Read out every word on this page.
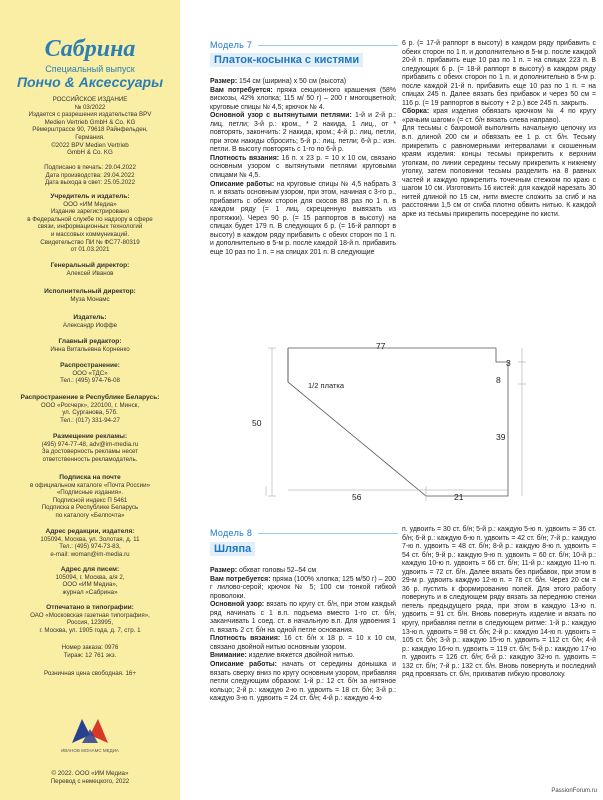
Сабрина
Специальный выпуск
Пончо & Аксессуары
РОССИЙСКОЕ ИЗДАНИЕ
№ 03/2022
Издается с разрешения издательства BPV
Medien Vertrieb GmbH & Co. KG
Рёмерштрассе 90, 79618 Райнфельден,
Германия.
©2022 BPV Medien Vertrieb
GmbH & Co. KG
Подписано в печать: 29.04.2022
Дата производства: 29.04.2022
Дата выхода в свет: 25.05.2022
Учредитель и издатель:
ООО «ИМ Медиа»
Издание зарегистрировано
в Федеральной службе по надзору в сфере
связи, информационных технологий
и массовых коммуникаций.
Свидетельство ПИ № ФС77-80319
от 01.03.2021
Генеральный директор:
Алексей Иванов
Исполнительный директор:
Муза Монамс
Издатель:
Александр Иоффе
Главный редактор:
Инна Витальевна Корненко
Распространение:
ООО «ТДС»
Тел.: (495) 974-76-08
Распространение в Республике Беларусь:
ООО «Росчерк», 220100, г. Минск,
ул. Сурганова, 57б.
Тел.: (017) 331-94-27
Размещение рекламы:
(495) 974-77-48, adv@im-media.ru
За достоверность рекламы несет
ответственность рекламодатель.
Подписка на почте
в официальном каталоге «Почта России»
«Подписные издания».
Подписной индекс П 5461
Подписка в Республике Беларусь
по каталогу «Белпочта»
Адрес редакции, издателя:
105094, Москва, ул. Золотая, д. 11
Тел.: (495) 974-73-83,
e-mail: woman@im-media.ru
Адрес для писем:
105094, г. Москва, а/я 2,
ООО «ИМ Медиа»,
журнал «Сабрина»
Отпечатано в типографии:
ОАО «Московская газетная типография»,
Россия, 123995,
г. Москва, ул. 1905 года, д. 7, стр. 1
Номер заказа: 0976
Тираж: 12 761 экз.
Розничная цена свободная. 16+
ИВАНОВ МОНАМС МЕДИА
© 2022. ООО «ИМ Медиа»
Перевод с немецкого, 2022
Модель 7
Платок-косынка с кистями

Размер: 154 см (ширина) х 50 см (высота)

Вам потребуется: пряжа секционного крашения (58% вискозы, 42% хлопка; 115 м/ 50 г) – 200 г многоцветной; круговые спицы № 4,5; крючок № 4.

Основной узор с вытянутыми петлями: 1-й и 2-й р.: лиц. петли; 3-й р.: кром., * 2 накида, 1 лиц., от * повторять, закончить: 2 накида, кром.; 4-й р.: лиц. петли, при этом накиды сбросить; 5-й р.: лиц. петли; 6-й р.: изн. петли. В высоту повторять с 1-го по 6-й р.

Плотность вязания: 16 п. х 23 р. = 10 х 10 см, связано основным узором с вытянутыми петлями круговыми спицами № 4,5.

Описание работы: на круговые спицы № 4,5 набрать 3 п. и вязать основным узором, при этом, начиная с 3-го р., прибавить с обеих сторон для скосов 88 раз по 1 п. в каждом ряду (= 1 лиц. скрещенную вывязать из протяжки). Через 90 р. (= 15 раппортов в высоту) на спицах будет 179 п. В следующих 6 р. (= 16-й раппорт в высоту) в каждом ряду прибавить с обеих сторон по 1 п. и дополнительно в 5-м р. после каждой 18-й п. прибавить еще 10 раз по 1 п. = на спицах 201 п. В следующие

6 р. (= 17-й раппорт в высоту) в каждом ряду прибавить с обеих сторон по 1 п. и дополнительно в 5-м р. после каждой 20-й п. прибавить еще 10 раз по 1 п. = на спицах 223 п. В следующих 6 р. (= 18-й раппорт в высоту) в каждом ряду прибавить с обеих сторон по 1 п. и дополнительно в 5-м р. после каждой 21-й п. прибавить еще 10 раз по 1 п. = на спицах 245 п. Далее вязать без прибавок и через 50 см = 116 р. (= 19 раппортов в высоту + 2 р.) все 245 п. закрыть.

Сборка: края изделия обвязать крючком № 4 по кругу «рачьим шагом» (= ст. б/н вязать слева направо).

Для тесьмы с бахромой выполнить начальную цепочку из в.п. длиной 200 см и обвязать ее 1 р. ст. б/н. Тесьму прикрепить с равномерными интервалами к скошенным краям изделия: концы тесьмы прикрепить к верхним уголкам, по линии середины тесьму прикрепить к нижнему уголку, затем половинки тесьмы разделить на 8 равных частей и каждую прикрепить точечным стежком по краю с шагом 10 см. Изготовить 16 кистей: для каждой нарезать 30 нитей длиной по 15 см, нити вместе сложить за сгиб и на расстоянии 1,5 см от сгиба плотно обвить нитью. К каждой арке из тесьмы прикрепить посередине по кисти.

77
3
8
39
50
56	21
1/2 платка
Модель 8
Шляпа

Размер: обхват головы 52–54 см

Вам потребуется: пряжа (100% хлопка; 125 м/50 г) – 200 г лилово-серой; крючок № 5; 100 см тонкой гибкой проволоки.

Основной узор: вязать по кругу ст. б/н, при этом каждый ряд начинать с 1 в.п. подъема вместо 1-го ст. б/н, заканчивать 1 соед. ст. в начальную в.п. Для удвоения 1 п. вязать 2 ст. б/н на одной петле основания.

Плотность вязания: 16 ст. б/н х 18 р. = 10 х 10 см, связано двойной нитью основным узором.

Внимание: изделие вяжется двойной нитью.

Описание работы: начать от середины донышка и вязать сверху вниз по кругу основным узором, прибавляя петли следующим образом: 1-й р.: 12 ст. б/н за нитяное кольцо; 2-й р.: каждую 2-ю п. удвоить = 18 ст. б/н; 3-й р.: каждую 3-ю п. удвоить = 24 ст. б/н; 4-й р.: каждую 4-ю

п. удвоить = 30 ст. б/н; 5-й р.: каждую 5-ю п. удвоить = 36 ст. б/н; 6-й р.: каждую 6-ю п. удвоить = 42 ст. б/н; 7-й р.: каждую 7-ю п. удвоить = 48 ст. б/н; 8-й р.: каждую 8-ю п. удвоить = 54 ст. б/н; 9-й р.: каждую 9-ю п. удвоить = 60 ст. б/н; 10-й р.: каждую 10-ю п. удвоить = 66 ст. б/н; 11-й р.: каждую 11-ю п. удвоить = 72 ст. б/н. Далее вязать без прибавок, при этом в 29-м р. удвоить каждую 12-ю п. = 78 ст. б/н. Через 20 см = 36 р. пустить к формированию полей. Для этого работу повернуть и в следующем ряду вязать за переднюю стенки петель предыдущего ряда, при этом в каждую 13-ю п. удвоить = 91 ст. б/н. Вновь повернуть изделие и вязать по кругу, прибавляя петли в следующем ритме: 1-й р.: каждую 13-ю п. удвоить = 98 ст. б/н; 2-й р.: каждую 14-ю п. удвоить = 105 ст. б/н; 3-й р.: каждую 15-ю п. удвоить = 112 ст. б/н; 4-й р.: каждую 16-ю п. удвоить = 119 ст. б/н; 5-й р.: каждую 17-ю п. удвоить = 126 ст. б/н; 6-й р.: каждую 32-ю п. удвоить = 132 ст. б/н; 7-й р.: 132 ст. б/н. Вновь повернуть и последний ряд провязать ст. б/н, прихватив гибкую проволоку.

PassionForum.ru
